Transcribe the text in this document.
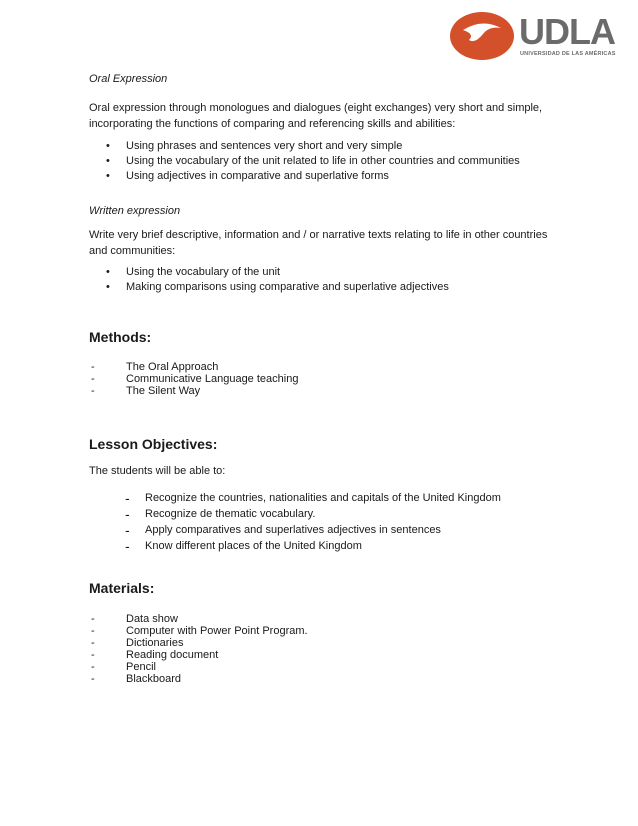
UDLA
UNIVERSIDAD DE LAS AMÉRICAS
Oral Expression
Oral expression through monologues and dialogues (eight exchanges) very short and simple, incorporating the functions of comparing and referencing skills and abilities:
• Using phrases and sentences very short and very simple
• Using the vocabulary of the unit related to life in other countries and communities
• Using adjectives in comparative and superlative forms
Written expression
Write very brief descriptive, information and / or narrative texts relating to life in other countries and communities:
• Using the vocabulary of the unit
• Making comparisons using comparative and superlative adjectives
Methods:
-	The Oral Approach
-	Communicative Language teaching
-	The Silent Way
Lesson Objectives:
The students will be able to:
- Recognize the countries, nationalities and capitals of the United Kingdom
- Recognize de thematic vocabulary.
- Apply comparatives and superlatives adjectives in sentences
- Know different places of the United Kingdom
Materials:
-	Data show
-	Computer with Power Point Program.
-	Dictionaries
-	Reading document
-	Pencil
-	Blackboard
